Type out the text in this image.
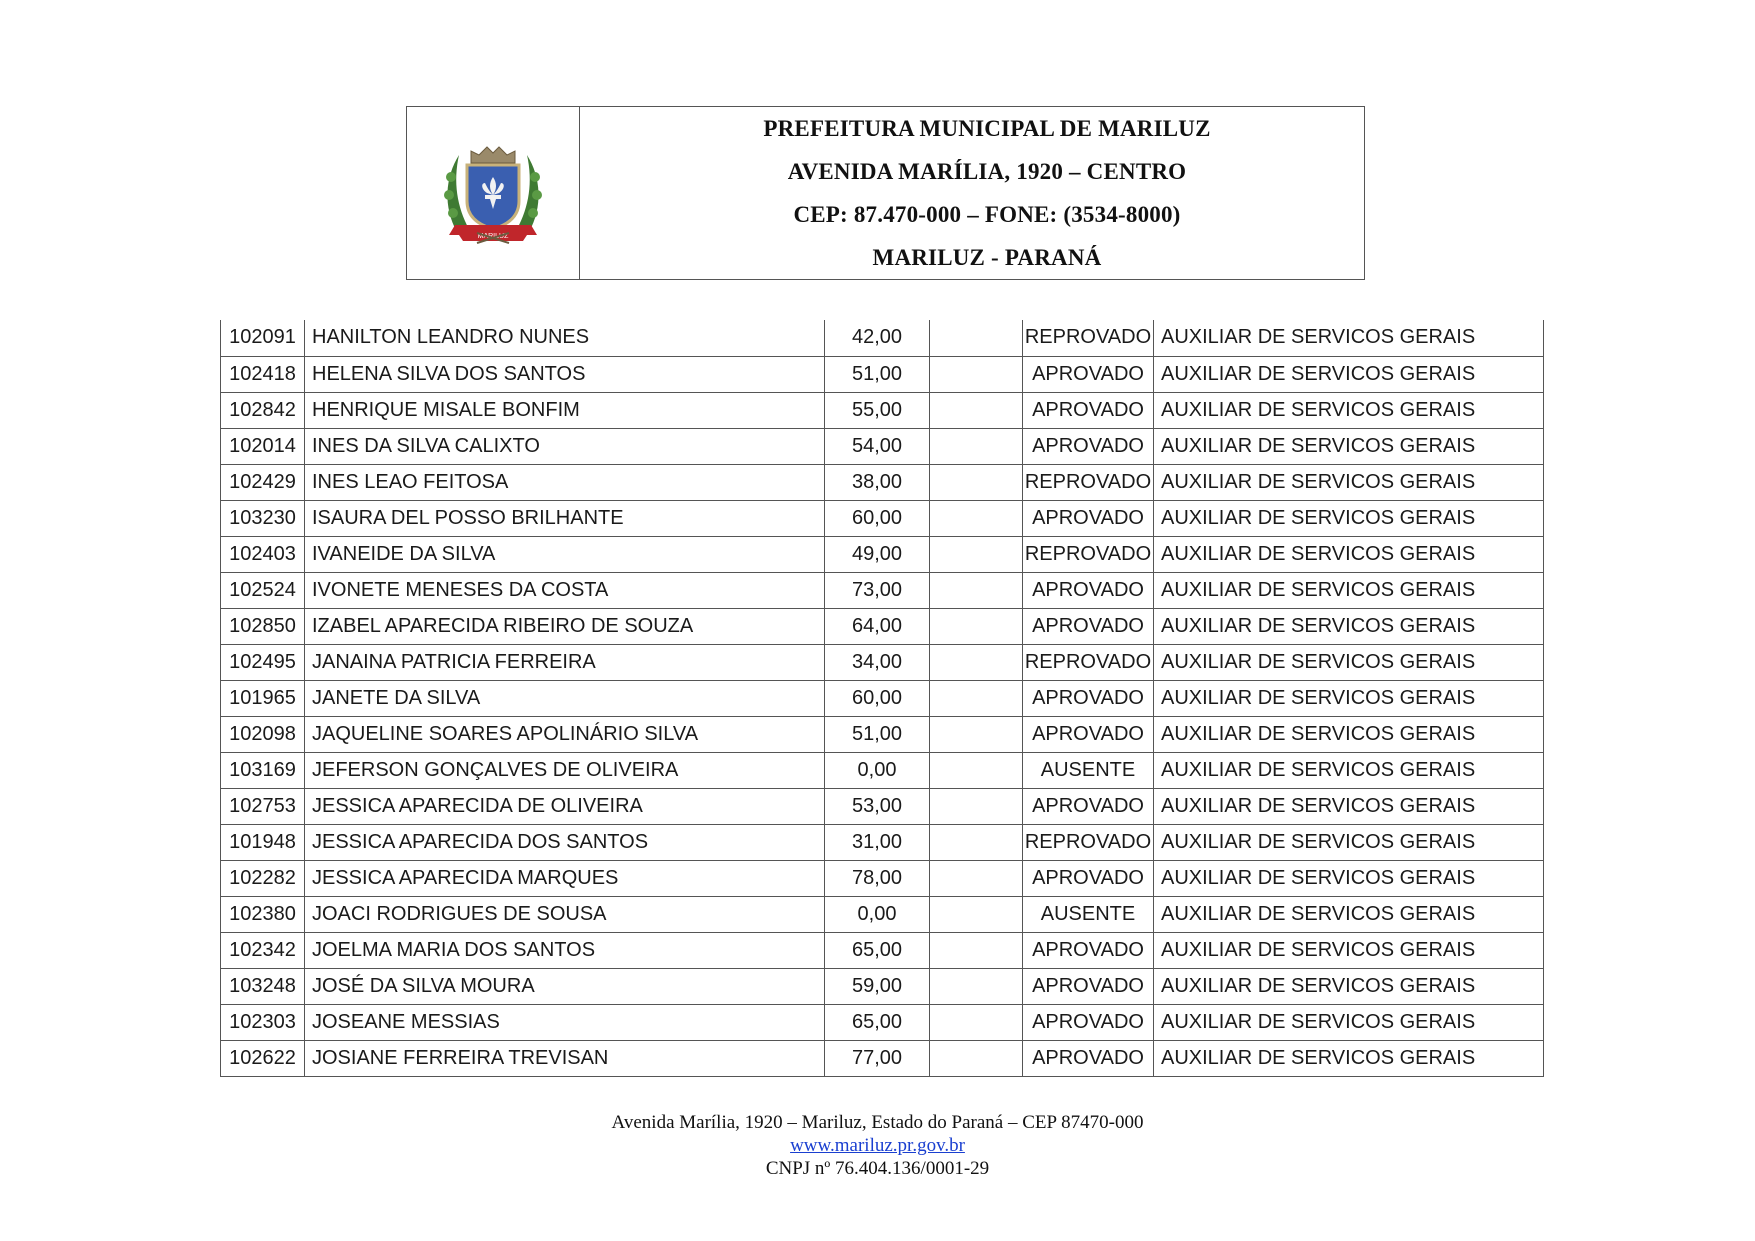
MARILUZ
PREFEITURA MUNICIPAL DE MARILUZ
AVENIDA MARÍLIA, 1920 – CENTRO
CEP: 87.470-000 – FONE: (3534-8000)
MARILUZ - PARANÁ
102091	HANILTON LEANDRO NUNES	42,00		REPROVADO	AUXILIAR DE SERVICOS GERAIS
102418	HELENA SILVA DOS SANTOS	51,00		APROVADO	AUXILIAR DE SERVICOS GERAIS
102842	HENRIQUE MISALE BONFIM	55,00		APROVADO	AUXILIAR DE SERVICOS GERAIS
102014	INES DA SILVA CALIXTO	54,00		APROVADO	AUXILIAR DE SERVICOS GERAIS
102429	INES LEAO FEITOSA	38,00		REPROVADO	AUXILIAR DE SERVICOS GERAIS
103230	ISAURA DEL POSSO BRILHANTE	60,00		APROVADO	AUXILIAR DE SERVICOS GERAIS
102403	IVANEIDE DA SILVA	49,00		REPROVADO	AUXILIAR DE SERVICOS GERAIS
102524	IVONETE MENESES DA COSTA	73,00		APROVADO	AUXILIAR DE SERVICOS GERAIS
102850	IZABEL APARECIDA RIBEIRO DE SOUZA	64,00		APROVADO	AUXILIAR DE SERVICOS GERAIS
102495	JANAINA PATRICIA FERREIRA	34,00		REPROVADO	AUXILIAR DE SERVICOS GERAIS
101965	JANETE DA SILVA	60,00		APROVADO	AUXILIAR DE SERVICOS GERAIS
102098	JAQUELINE SOARES APOLINÁRIO SILVA	51,00		APROVADO	AUXILIAR DE SERVICOS GERAIS
103169	JEFERSON GONÇALVES DE OLIVEIRA	0,00		AUSENTE	AUXILIAR DE SERVICOS GERAIS
102753	JESSICA APARECIDA DE OLIVEIRA	53,00		APROVADO	AUXILIAR DE SERVICOS GERAIS
101948	JESSICA APARECIDA DOS SANTOS	31,00		REPROVADO	AUXILIAR DE SERVICOS GERAIS
102282	JESSICA APARECIDA MARQUES	78,00		APROVADO	AUXILIAR DE SERVICOS GERAIS
102380	JOACI RODRIGUES DE SOUSA	0,00		AUSENTE	AUXILIAR DE SERVICOS GERAIS
102342	JOELMA MARIA DOS SANTOS	65,00		APROVADO	AUXILIAR DE SERVICOS GERAIS
103248	JOSÉ DA SILVA MOURA	59,00		APROVADO	AUXILIAR DE SERVICOS GERAIS
102303	JOSEANE MESSIAS	65,00		APROVADO	AUXILIAR DE SERVICOS GERAIS
102622	JOSIANE FERREIRA TREVISAN	77,00		APROVADO	AUXILIAR DE SERVICOS GERAIS
Avenida Marília, 1920 – Mariluz, Estado do Paraná – CEP 87470-000
www.mariluz.pr.gov.br
CNPJ nº 76.404.136/0001-29
